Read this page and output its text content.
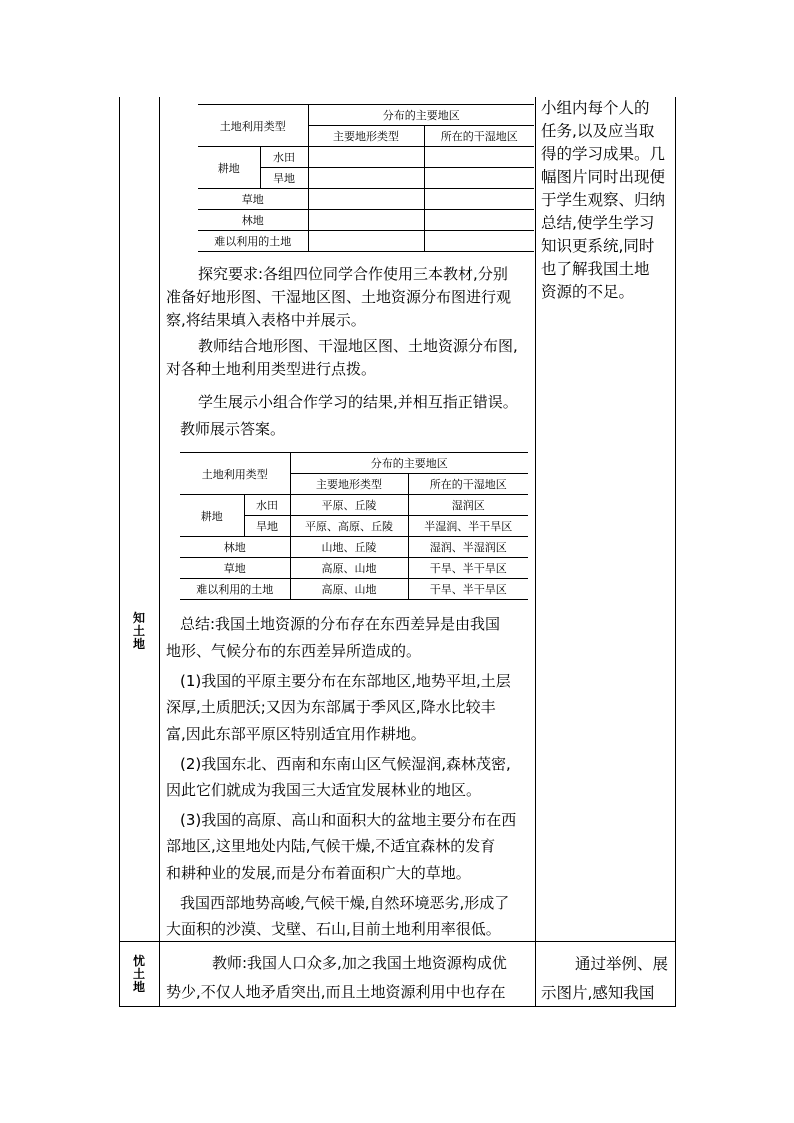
知土地
忧土地
土地利用类型		分布的主要地区	
		主要地形类型	所在的干湿地区
耕地	水田		
	旱地		
草地			
林地			
难以利用的土地			
探究要求:各组四位同学合作使用三本教材,分别
准备好地形图、干湿地区图、土地资源分布图进行观
察,将结果填入表格中并展示。
教师结合地形图、干湿地区图、土地资源分布图,
对各种土地利用类型进行点拨。
学生展示小组合作学习的结果,并相互指正错误。
教师展示答案。
土地利用类型		分布的主要地区	
		主要地形类型	所在的干湿地区
耕地	水田	平原、丘陵	湿润区
	旱地	平原、高原、丘陵	半湿润、半干旱区
林地		山地、丘陵	湿润、半湿润区
草地		高原、山地	干旱、半干旱区
难以利用的土地		高原、山地	干旱、半干旱区
总结:我国土地资源的分布存在东西差异是由我国
地形、气候分布的东西差异所造成的。
(1)我国的平原主要分布在东部地区,地势平坦,土层
深厚,土质肥沃;又因为东部属于季风区,降水比较丰
富,因此东部平原区特别适宜用作耕地。
(2)我国东北、西南和东南山区气候湿润,森林茂密,
因此它们就成为我国三大适宜发展林业的地区。
(3)我国的高原、高山和面积大的盆地主要分布在西
部地区,这里地处内陆,气候干燥,不适宜森林的发育
和耕种业的发展,而是分布着面积广大的草地。
我国西部地势高峻,气候干燥,自然环境恶劣,形成了
大面积的沙漠、戈壁、石山,目前土地利用率很低。
教师:我国人口众多,加之我国土地资源构成优
势少,不仅人地矛盾突出,而且土地资源利用中也存在
小组内每个人的
任务,以及应当取
得的学习成果。几
幅图片同时出现便
于学生观察、归纳
总结,使学生学习
知识更系统,同时
也了解我国土地
资源的不足。
通过举例、展
示图片,感知我国
